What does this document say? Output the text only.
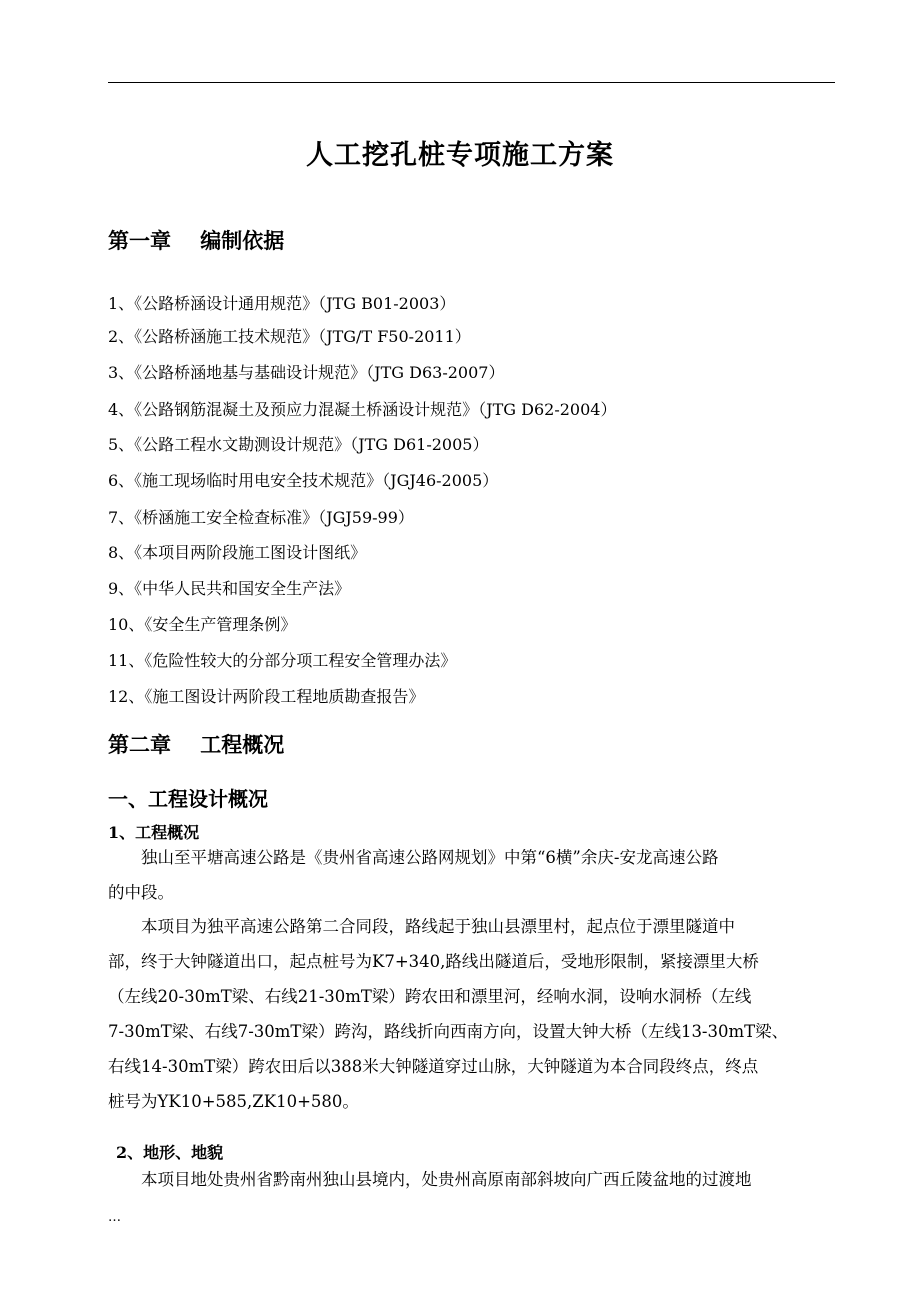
人工挖孔桩专项施工方案
第一章    编制依据
1、《公路桥涵设计通用规范》（JTG B01-2003）
2、《公路桥涵施工技术规范》（JTG/T F50-2011）
3、《公路桥涵地基与基础设计规范》（JTG D63-2007）
4、《公路钢筋混凝土及预应力混凝土桥涵设计规范》（JTG D62-2004）
5、《公路工程水文勘测设计规范》（JTG D61-2005）
6、《施工现场临时用电安全技术规范》（JGJ46-2005）
7、《桥涵施工安全检查标准》（JGJ59-99）
8、《本项目两阶段施工图设计图纸》
9、《中华人民共和国安全生产法》
10、《安全生产管理条例》
11、《危险性较大的分部分项工程安全管理办法》
12、《施工图设计两阶段工程地质勘查报告》
第二章    工程概况
一、工程设计概况
1、工程概况
　　独山至平塘高速公路是《贵州省高速公路网规划》中第“6横”余庆-安龙高速公路
的中段。
　　本项目为独平高速公路第二合同段，路线起于独山县漂里村，起点位于漂里隧道中
部，终于大钟隧道出口，起点桩号为K7+340,路线出隧道后，受地形限制，紧接漂里大桥
（左线20-30mT梁、右线21-30mT梁）跨农田和漂里河，经响水洞，设响水洞桥（左线
7-30mT梁、右线7-30mT梁）跨沟，路线折向西南方向，设置大钟大桥（左线13-30mT梁、
右线14-30mT梁）跨农田后以388米大钟隧道穿过山脉，大钟隧道为本合同段终点，终点
桩号为YK10+585,ZK10+580。
2、地形、地貌
　　本项目地处贵州省黔南州独山县境内，处贵州高原南部斜坡向广西丘陵盆地的过渡地
…
